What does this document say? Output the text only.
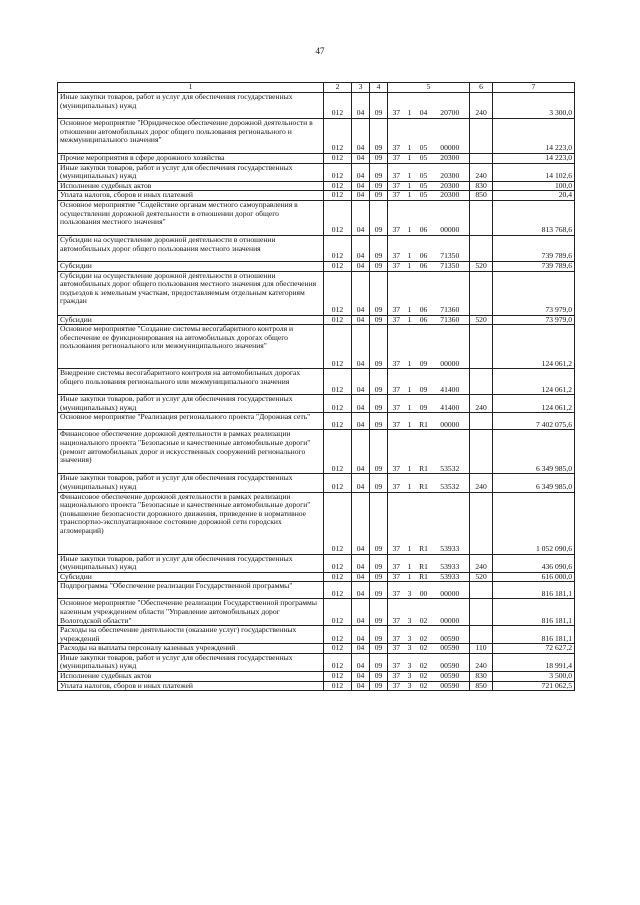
47
1	2	3	4	5				6	7
Иные закупки товаров, работ и услуг для обеспечения государственных (муниципальных) нужд	012	04	09	37	1	04	20700	240	3 300,0
Основное мероприятие "Юридическое обеспечение дорожной деятельности в отношении автомобильных дорог общего пользования регионального и межмуниципального значения"	012	04	09	37	1	05	00000		14 223,0
Прочие мероприятия в сфере дорожного хозяйства	012	04	09	37	1	05	20300		14 223,0
Иные закупки товаров, работ и услуг для обеспечения государственных (муниципальных) нужд	012	04	09	37	1	05	20300	240	14 102,6
Исполнение судебных актов	012	04	09	37	1	05	20300	830	100,0
Уплата налогов, сборов и иных платежей	012	04	09	37	1	05	20300	850	20,4
Основное мероприятие "Содействие органам местного самоуправления в осуществлении дорожной деятельности в отношении дорог общего пользования местного значения"	012	04	09	37	1	06	00000		813 768,6
Субсидии на осуществление дорожной деятельности в отношении автомобильных дорог общего пользования местного значения	012	04	09	37	1	06	71350		739 789,6
Субсидии	012	04	09	37	1	06	71350	520	739 789,6
Субсидии на осуществление дорожной деятельности в отношении автомобильных дорог общего пользования местного значения для обеспечения подъездов к земельным участкам, предоставляемым отдельным категориям граждан	012	04	09	37	1	06	71360		73 979,0
Субсидии	012	04	09	37	1	06	71360	520	73 979,0
Основное мероприятие "Создание системы весогабаритного контроля и обеспечение ее функционирования на автомобильных дорогах общего пользования регионального или межмуниципального значения"	012	04	09	37	1	09	00000		124 061,2
Внедрение системы весогабаритного контроля на автомобильных дорогах общего пользования регионального или межмуниципального значения	012	04	09	37	1	09	41400		124 061,2
Иные закупки товаров, работ и услуг для обеспечения государственных (муниципальных) нужд	012	04	09	37	1	09	41400	240	124 061,2
Основное мероприятие "Реализация регионального проекта "Дорожная сеть"	012	04	09	37	1	R1	00000		7 402 075,6
Финансовое обеспечение дорожной деятельности в рамках реализации национального проекта "Безопасные и качественные автомобильные дороги" (ремонт автомобильных дорог и искусственных сооружений регионального значения)	012	04	09	37	1	R1	53532		6 349 985,0
Иные закупки товаров, работ и услуг для обеспечения государственных (муниципальных) нужд	012	04	09	37	1	R1	53532	240	6 349 985,0
Финансовое обеспечение дорожной деятельности в рамках реализации национального проекта "Безопасные и качественные автомобильные дороги" (повышение безопасности дорожного движения, приведение в нормативное транспортно-эксплуатационное состояние дорожной сети городских агломераций)	012	04	09	37	1	R1	53933		1 052 090,6
Иные закупки товаров, работ и услуг для обеспечения государственных (муниципальных) нужд	012	04	09	37	1	R1	53933	240	436 090,6
Субсидии	012	04	09	37	1	R1	53933	520	616 000,0
Подпрограмма "Обеспечение реализации Государственной программы"	012	04	09	37	3	00	00000		816 181,1
Основное мероприятие "Обеспечение реализации Государственной программы казенным учреждением области "Управление автомобильных дорог Вологодской области"	012	04	09	37	3	02	00000		816 181,1
Расходы на обеспечение деятельности (оказание услуг) государственных учреждений	012	04	09	37	3	02	00590		816 181,1
Расходы на выплаты персоналу казенных учреждений	012	04	09	37	3	02	00590	110	72 627,2
Иные закупки товаров, работ и услуг для обеспечения государственных (муниципальных) нужд	012	04	09	37	3	02	00590	240	18 991,4
Исполнение судебных актов	012	04	09	37	3	02	00590	830	3 500,0
Уплата налогов, сборов и иных платежей	012	04	09	37	3	02	00590	850	721 062,5
